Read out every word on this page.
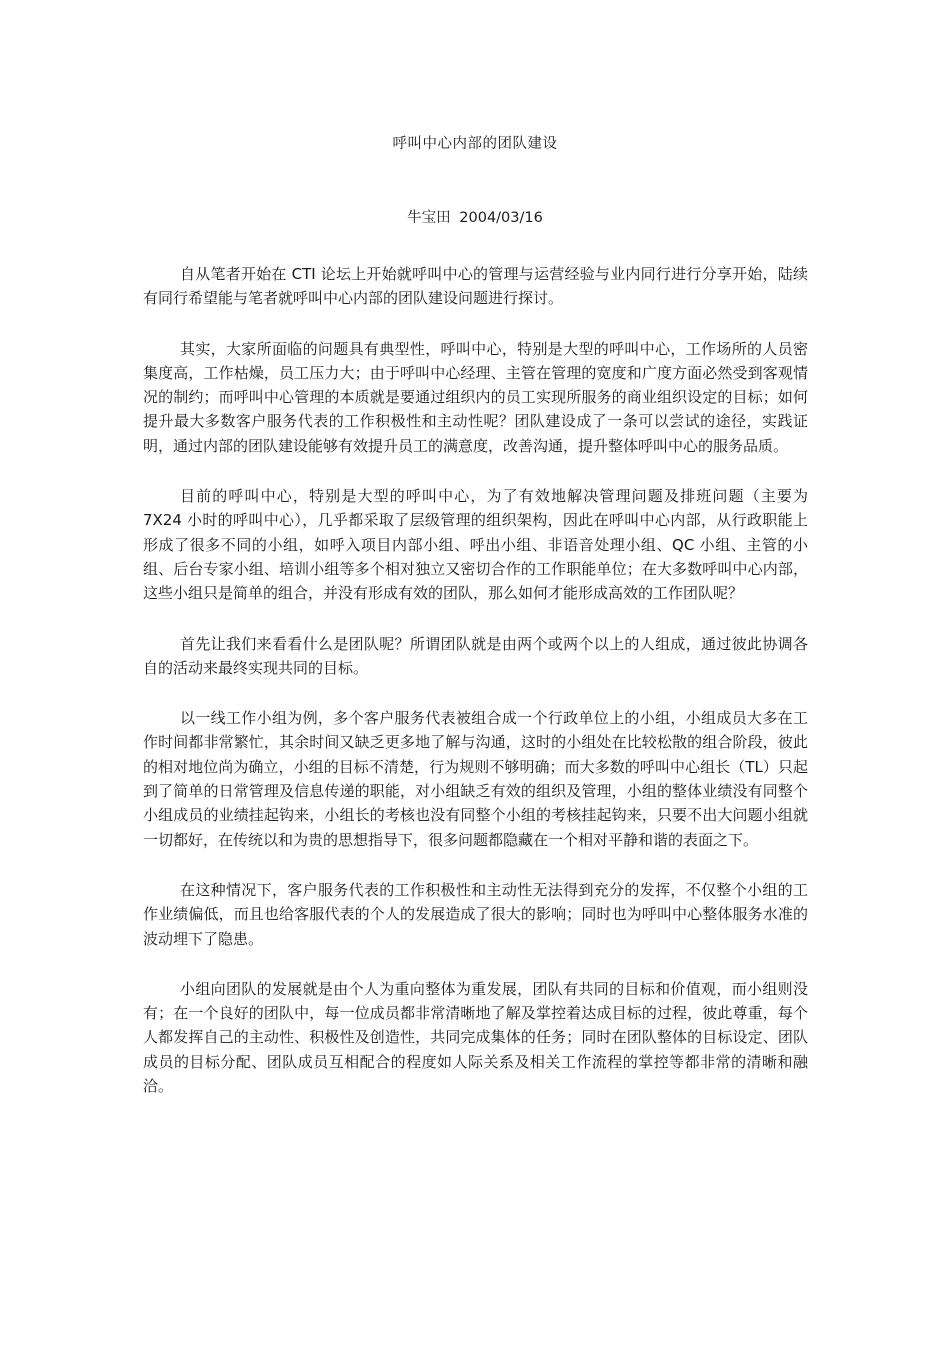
呼叫中心内部的团队建设
牛宝田 2004/03/16

自从笔者开始在 CTI 论坛上开始就呼叫中心的管理与运营经验与业内同行进行分享开始，陆续有同行希望能与笔者就呼叫中心内部的团队建设问题进行探讨。

其实，大家所面临的问题具有典型性，呼叫中心，特别是大型的呼叫中心，工作场所的人员密集度高，工作枯燥，员工压力大；由于呼叫中心经理、主管在管理的宽度和广度方面必然受到客观情况的制约；而呼叫中心管理的本质就是要通过组织内的员工实现所服务的商业组织设定的目标；如何提升最大多数客户服务代表的工作积极性和主动性呢？团队建设成了一条可以尝试的途径，实践证明，通过内部的团队建设能够有效提升员工的满意度，改善沟通，提升整体呼叫中心的服务品质。

目前的呼叫中心，特别是大型的呼叫中心，为了有效地解决管理问题及排班问题（主要为 7X24 小时的呼叫中心），几乎都采取了层级管理的组织架构，因此在呼叫中心内部，从行政职能上形成了很多不同的小组，如呼入项目内部小组、呼出小组、非语音处理小组、QC 小组、主管的小组、后台专家小组、培训小组等多个相对独立又密切合作的工作职能单位；在大多数呼叫中心内部，这些小组只是简单的组合，并没有形成有效的团队，那么如何才能形成高效的工作团队呢？

首先让我们来看看什么是团队呢？所谓团队就是由两个或两个以上的人组成，通过彼此协调各自的活动来最终实现共同的目标。

以一线工作小组为例，多个客户服务代表被组合成一个行政单位上的小组，小组成员大多在工作时间都非常繁忙，其余时间又缺乏更多地了解与沟通，这时的小组处在比较松散的组合阶段，彼此的相对地位尚为确立，小组的目标不清楚，行为规则不够明确；而大多数的呼叫中心组长（TL）只起到了简单的日常管理及信息传递的职能，对小组缺乏有效的组织及管理，小组的整体业绩没有同整个小组成员的业绩挂起钩来，小组长的考核也没有同整个小组的考核挂起钩来，只要不出大问题小组就一切都好，在传统以和为贵的思想指导下，很多问题都隐藏在一个相对平静和谐的表面之下。

在这种情况下，客户服务代表的工作积极性和主动性无法得到充分的发挥，不仅整个小组的工作业绩偏低，而且也给客服代表的个人的发展造成了很大的影响；同时也为呼叫中心整体服务水准的波动埋下了隐患。

小组向团队的发展就是由个人为重向整体为重发展，团队有共同的目标和价值观，而小组则没有；在一个良好的团队中，每一位成员都非常清晰地了解及掌控着达成目标的过程，彼此尊重，每个人都发挥自己的主动性、积极性及创造性，共同完成集体的任务；同时在团队整体的目标设定、团队成员的目标分配、团队成员互相配合的程度如人际关系及相关工作流程的掌控等都非常的清晰和融洽。
